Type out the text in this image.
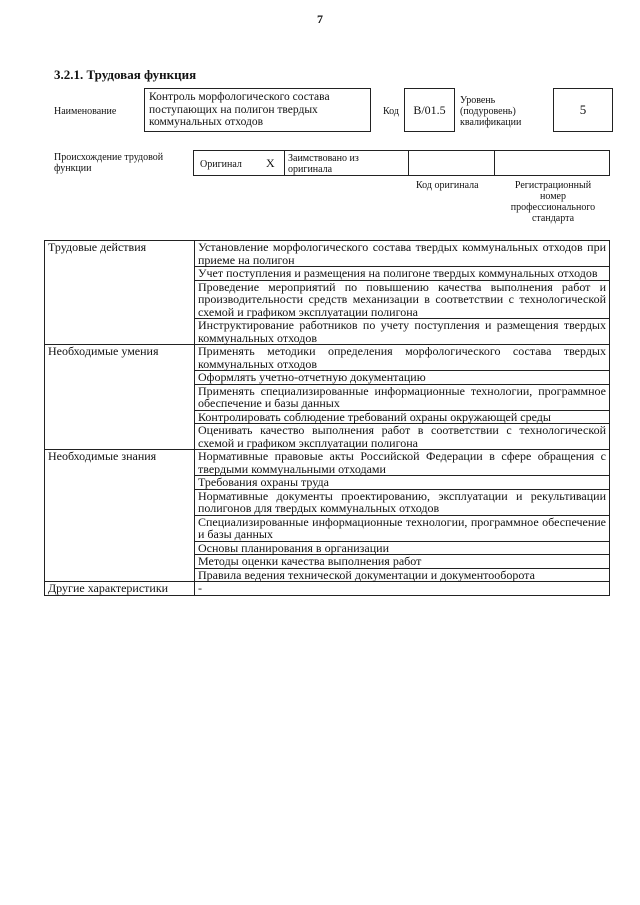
7
3.2.1. Трудовая функция
Наименование
Контроль морфологического состава поступающих на полигон твердых коммунальных отходов
Код B/01.5
Уровень
(подуровень)
квалификации
5
Происхождение трудовой
функции	Оригинал X Заимствовано из
оригинала
Код оригинала	Регистрационный
номер
профессионального
стандарта
Трудовые действия	Установление морфологического состава твердых коммунальных отходов при приеме на полигон
	Учет поступления и размещения на полигоне твердых коммунальных отходов
	Проведение мероприятий по повышению качества выполнения работ и производительности средств механизации в соответствии с технологической схемой и графиком эксплуатации полигона
	Инструктирование работников по учету поступления и размещения твердых коммунальных отходов
Необходимые умения	Применять методики определения морфологического состава твердых коммунальных отходов
	Оформлять учетно-отчетную документацию
	Применять специализированные информационные технологии, программное обеспечение и базы данных
	Контролировать соблюдение требований охраны окружающей среды
	Оценивать качество выполнения работ в соответствии с технологической схемой и графиком эксплуатации полигона
Необходимые знания	Нормативные правовые акты Российской Федерации в сфере обращения с твердыми коммунальными отходами
	Требования охраны труда
	Нормативные документы проектированию, эксплуатации и рекультивации полигонов для твердых коммунальных отходов
	Специализированные информационные технологии, программное обеспечение и базы данных
	Основы планирования в организации
	Методы оценки качества выполнения работ
	Правила ведения технической документации и документооборота
Другие характеристики	-
